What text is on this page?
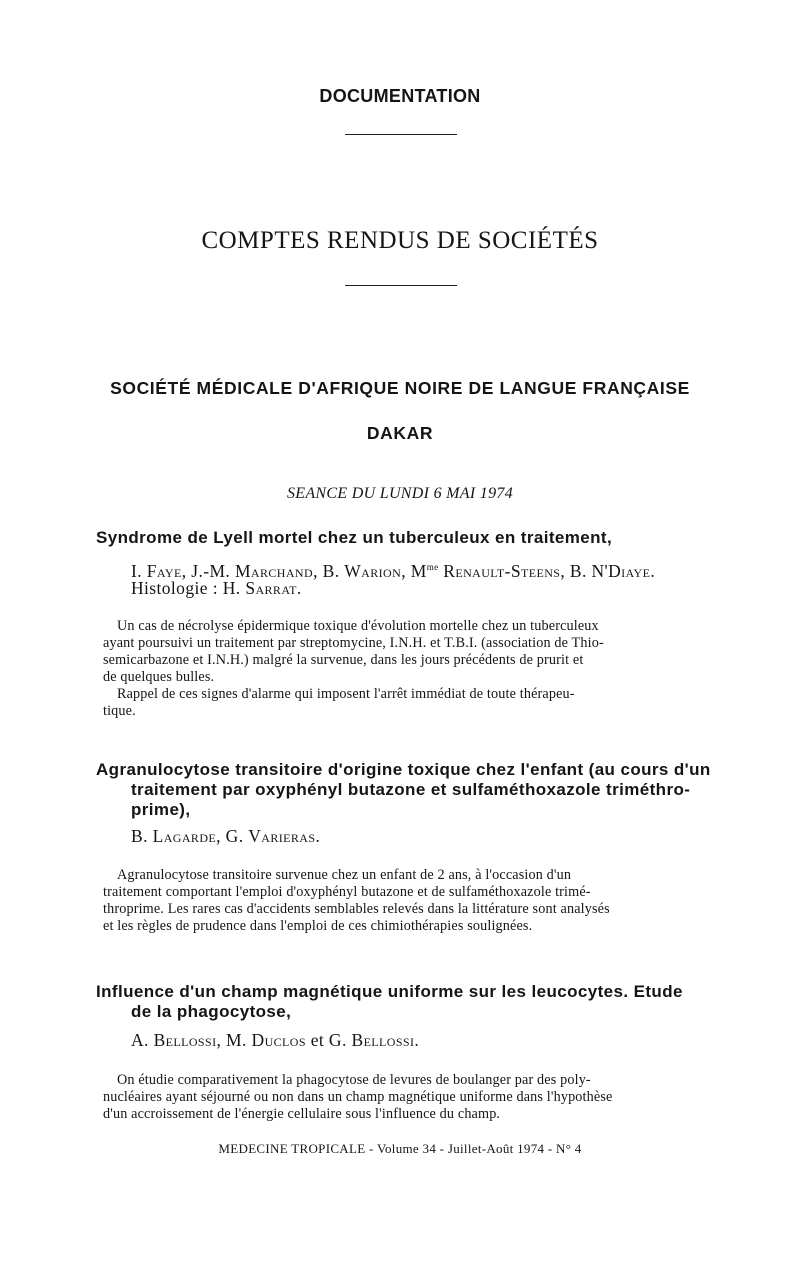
DOCUMENTATION
COMPTES RENDUS DE SOCIÉTÉS
SOCIÉTÉ MÉDICALE D'AFRIQUE NOIRE DE LANGUE FRANÇAISE
DAKAR
SEANCE DU LUNDI 6 MAI 1974
Syndrome de Lyell mortel chez un tuberculeux en traitement,
I. Faye, J.-M. Marchand, B. Warion, $M^{me}$ Renault-Steens, B. N'Diaye.
Histologie : H. Sarrat.
Un cas de nécrolyse épidermique toxique d'évolution mortelle chez un tuberculeux
ayant poursuivi un traitement par streptomycine, I.N.H. et T.B.I. (association de Thio-
semicarbazone et I.N.H.) malgré la survenue, dans les jours précédents de prurit et
de quelques bulles.
Rappel de ces signes d'alarme qui imposent l'arrêt immédiat de toute thérapeu-
tique.
Agranulocytose transitoire d'origine toxique chez l'enfant (au cours d'un
traitement par oxyphényl butazone et sulfaméthoxazole triméthro-
prime),
B. Lagarde, G. Varieras.
Agranulocytose transitoire survenue chez un enfant de 2 ans, à l'occasion d'un
traitement comportant l'emploi d'oxyphényl butazone et de sulfaméthoxazole trimé-
throprime. Les rares cas d'accidents semblables relevés dans la littérature sont analysés
et les règles de prudence dans l'emploi de ces chimiothérapies soulignées.
Influence d'un champ magnétique uniforme sur les leucocytes. Etude
de la phagocytose,
A. Bellossi, M. Duclos et G. Bellossi.
On étudie comparativement la phagocytose de levures de boulanger par des poly-
nucléaires ayant séjourné ou non dans un champ magnétique uniforme dans l'hypothèse
d'un accroissement de l'énergie cellulaire sous l'influence du champ.
MEDECINE TROPICALE - Volume 34 - Juillet-Août 1974 - N° 4
